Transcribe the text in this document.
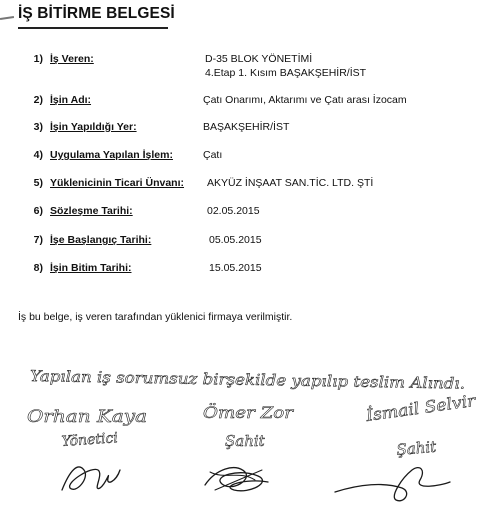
İŞ BİTİRME BELGESİ
1) İş Veren:	D-35 BLOK YÖNETİMİ
4.Etap 1. Kısım BAŞAKŞEHİR/İST
2) İşin Adı:	Çatı Onarımı, Aktarımı ve Çatı arası İzocam
3) İşin Yapıldığı Yer:	BAŞAKŞEHİR/İST
4) Uygulama Yapılan İşlem:	Çatı
5) Yüklenicinin Ticari Ünvanı: AKYÜZ İNŞAAT SAN.TİC. LTD. ŞTİ
6) Sözleşme Tarihi:	02.05.2015
7) İşe Başlangıç Tarihi:	05.05.2015
8) İşin Bitim Tarihi:	15.05.2015
İş bu belge, iş veren tarafından yüklenici firmaya verilmiştir.
Yapılan iş sorumsuz birşekilde yapılıp teslim Alındı.
Orhan Kaya
Yönetici
Ömer Zor
Şahit
İsmail Selvir
Şahit
